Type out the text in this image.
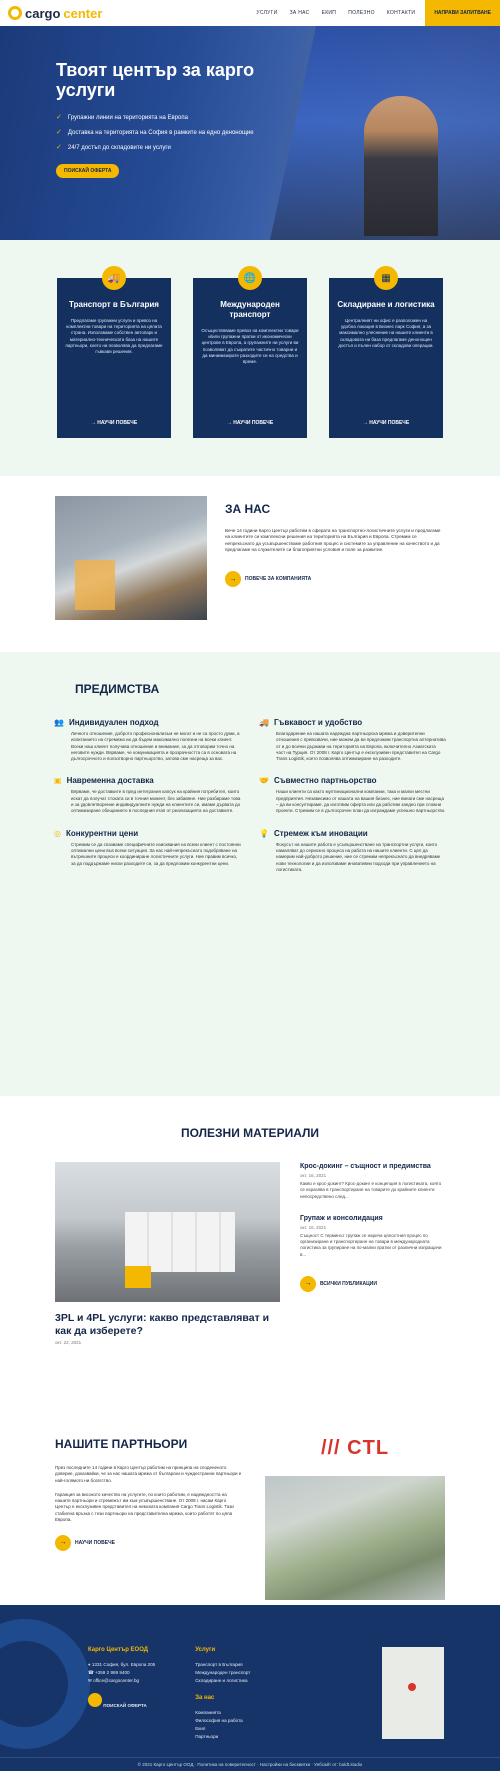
cargo center	УСЛУГИ ЗА НАС ЕКИП ПОЛЕЗНО КОНТАКТИ	НАПРАВИ ЗАПИТВАНЕ
Твоят център за карго услуги
✓ Групажни линии на територията на Европа
✓ Доставка на територията на София в рамките на едно денонощие
✓ 24/7 достъп до складовите ни услуги
ПОИСКАЙ ОФЕРТА
🚚
Транспорт в България

Предлагаме групажни услуги и превоз на комплектни товари на територията на цялата страна. Използваме собствен автопарк и материално-техническата база на нашите партньори, което ни позволява да предлагаме гъвкави решения.

→ НАУЧИ ПОВЕЧЕ
🌐
Международен транспорт

Осъществяваме превоз на комплектни товари и/или групажни пратки от икономически центрове в Европа, а групажните ни услуги ви позволяват да съкратите частично товарни и да минимизирате разходите си на средства и време.

→ НАУЧИ ПОВЕЧЕ
▦
Складиране и логистика

Централният ни офис е разположен на удобна локация в Бизнес парк София, а за максимално улеснение на нашите клиенти в складовата ни база предлагаме денонощен достъп и пълен набор от складови операции.

→ НАУЧИ ПОВЕЧЕ
ЗА НАС

Вече 14 години Карго Център работим в сферата на транспортно-логистичните услуги и предлагаме на клиентите си комплексни решения на територията на България и Европа. Стремим се непрекъснато да усъвършенстваме работния процес и системите за управление на качеството и да предлагаме на служителите си благоприятни условия и поле за развитие.

→	ПОВЕЧЕ ЗА КОМПАНИЯТА
ПРЕДИМСТВА
👥 Индивидуален подход

Личното отношение, доброто професионализъм не могат и не са просто думи, а изпитанието на стремежа ни да бъдем максимално полезни на всеки клиент. Всеки наш клиент получава отношение и внимание, за да отговорим точно на неговите нужди. Вярваме, че комуникацията и прозрачността са в основата на дългосрочното и ползотворно партньорство, затова сме насреща за вас.

🚚 Гъвкавост и удобство

Благодарение на нашата надеждна партньорска мрежа и доверителни отношения с превозвачи, ние можем да ви предложим транспортна алтернатива от и до всички държави на територията на Европа, включително Азиатската част на Турция. От 2008 г. Карго Център е ексклузивен представител на Cargo Trans Logistik, което позволява оптимизиране на разходите.

▣ Навременна доставка

Вярваме, че доставките в пред интеграния капсук на крайния потребител, които искат да получат стоката си в точния момент, без забавяне. Ние разбираме това и за удовлетворение индивидуалните нужди на клиентите си, имаме дървата до оптимизиране обещанието в последния етап от реализацията на доставките.

🤝 Съвместно партньорство

Наши клиенти са както мултинационални компании, така и малки местни предприятия. Независимо от нашата на вашия бизнес, ние винаги сме насреща – да ви консултираме, да изготвим оферта или да работим заедно при сложни проекти. Стремим се в дългосрочен план да изграждаме успешно партньорство.

◎ Конкурентни цени

Стремим се да спазваме специфичните изисквания на всеки клиент с постоянни оптимални цени във всеки ситуация. За нас най-непрекъснато подобряване на вътрешните процеси е координиране логистичните услуги. Ние правим всичко, за да поддържаме ниски разходите си, за да предложим конкурентни цени.

💡 Стремеж към иновации

Фокусът на нашите работа е усъвършенстване на транспортни услуги, които намаляват до сериозно процеса на работа на нашите клиенти. С цел да намерим най-доброто решение, ние се стремим непрекъснато да внедряваме нови технологии и да използваме иновативни подходи при управлението на логистиката.

ПОЛЕЗНИ МАТЕРИАЛИ
3PL и 4PL услуги: какво представляват и как да изберете?
окт. 22, 2021
Крос-докинг – същност и предимства
окт. 16, 2021

Какво е крос-докинг? Крос-докинг е концепция в логистиката, която се изразява в транспортиране на товарите до крайните клиенти непосредствено след...

Групаж и консолидация
окт. 16, 2021

Същност С терминът групаж се нарича цялостния процес по организиране и транспортиране на товари в международната логистика за групиране на по-малки пратки от различни изпращачи в...

→	ВСИЧКИ ПУБЛИКАЦИИ
НАШИТЕ ПАРТНЬОРИ

През последните 14 години в Карго Център работим на принципа на сподененото доверие, доказвайки, че за нас нашата мрежа от български и чуждестранни партньори е най-голямото ни богатство.

Гаранция за високото качество на услугите, по които работим, е надеждността на нашите партньори и стремежът им към усъвършенстване. От 2008 г. насам Карго Център е ексклузивен представител на немската компания Cargo Trans Logistik. Тази стабилна връзка с тези партньори на представителна мрежа, които работят по цяла Европа.

→	НАУЧИ ПОВЕЧЕ
/// CTL
Карго Център ЕООД

⌖ 1331 София, бул. Европа 205

☎ +359 2 986 9400

✉ office@cargocenter.bg

ПОИСКАЙ ОФЕРТА

Услуги

Транспорт в България

Международен транспорт

Складиране и логистика

За нас

Компанията

Философия на работа

Екип

Партньори

© 2021 Карго Център ООД · Политика на поверителност · Настройки на бисквитки · Уебсайт от: boldt.studio
